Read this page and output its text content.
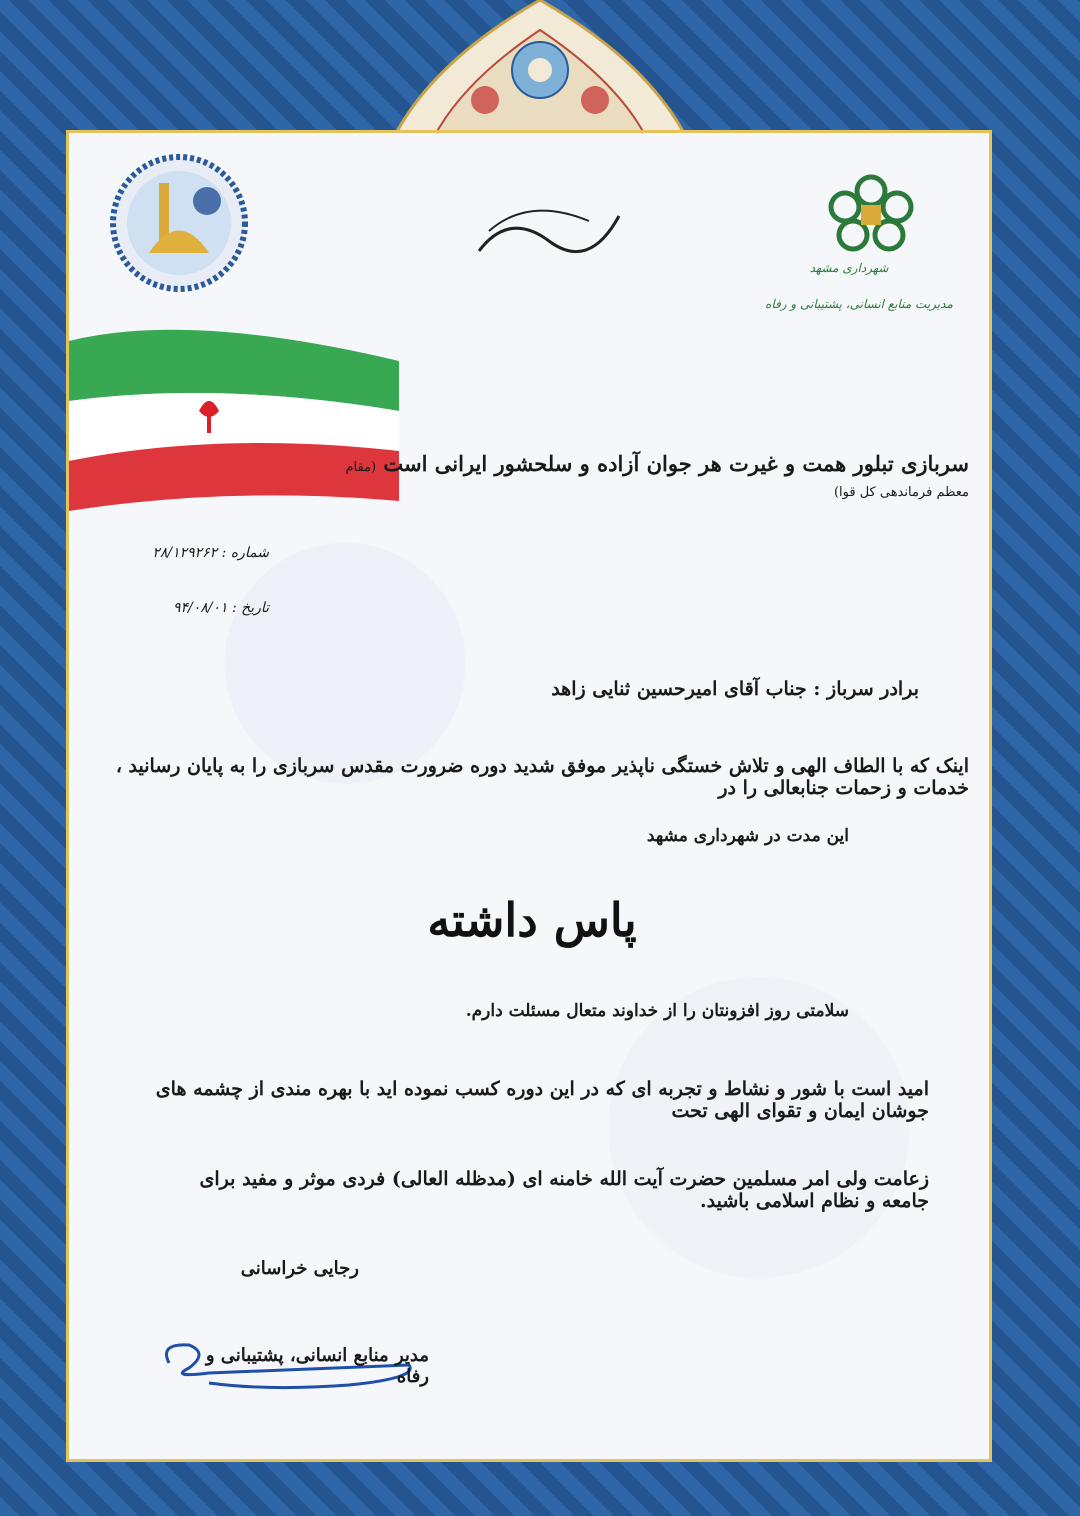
شهرداری مشهد
مدیریت منابع انسانی، پشتیبانی و رفاه
سربازی تبلور همت و غیرت هر جوان آزاده و سلحشور ایرانی است (مقام معظم فرماندهی کل قوا)
شماره : ۲۸/۱۲۹۲۶۲
تاریخ : ۹۴/۰۸/۰۱
برادر سرباز : جناب آقای امیرحسین ثنایی زاهد
اینک که با الطاف الهی و تلاش خستگی ناپذیر موفق شدید دوره ضرورت مقدس سربازی را به پایان رسانید ، خدمات و زحمات جنابعالی را در
این مدت در شهرداری مشهد
پاس داشته
سلامتی روز افزونتان را از خداوند متعال مسئلت دارم.
امید است با شور و نشاط و تجربه ای که در این دوره کسب نموده اید با بهره مندی از چشمه های جوشان ایمان و تقوای الهی تحت
زعامت ولی امر مسلمین حضرت آیت الله خامنه ای (مدظله العالی) فردی موثر و مفید برای جامعه و نظام اسلامی باشید.
رجایی خراسانی
مدیر منابع انسانی، پشتیبانی و رفاه
